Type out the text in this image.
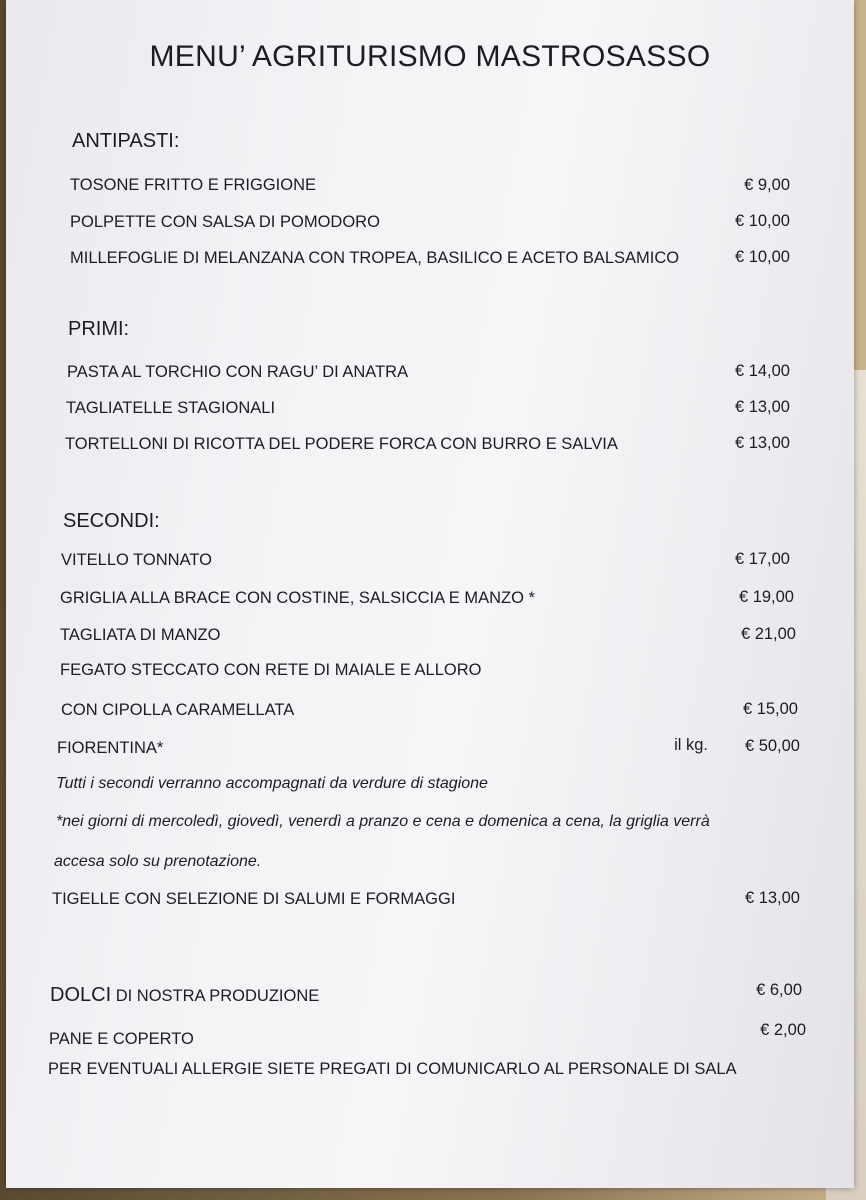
MENU’ AGRITURISMO MASTROSASSO
ANTIPASTI:
TOSONE FRITTO E FRIGGIONE	€ 9,00
POLPETTE CON SALSA DI POMODORO	€ 10,00
MILLEFOGLIE DI MELANZANA CON TROPEA, BASILICO E ACETO BALSAMICO	€ 10,00
PRIMI:
PASTA AL TORCHIO CON RAGU’ DI ANATRA	€ 14,00
TAGLIATELLE STAGIONALI	€ 13,00
TORTELLONI DI RICOTTA DEL PODERE FORCA CON BURRO E SALVIA	€ 13,00
SECONDI:
VITELLO TONNATO	€ 17,00
GRIGLIA ALLA BRACE CON COSTINE, SALSICCIA E MANZO *	€ 19,00
TAGLIATA DI MANZO	€ 21,00
FEGATO STECCATO CON RETE DI MAIALE E ALLORO
CON CIPOLLA CARAMELLATA	€ 15,00
FIORENTINA*	il kg. € 50,00
Tutti i secondi verranno accompagnati da verdure di stagione
*nei giorni di mercoledì, giovedì, venerdì a pranzo e cena e domenica a cena, la griglia verrà
accesa solo su prenotazione.
TIGELLE CON SELEZIONE DI SALUMI E FORMAGGI	€ 13,00
DOLCI DI NOSTRA PRODUZIONE	€ 6,00
PANE E COPERTO	€ 2,00
PER EVENTUALI ALLERGIE SIETE PREGATI DI COMUNICARLO AL PERSONALE DI SALA
